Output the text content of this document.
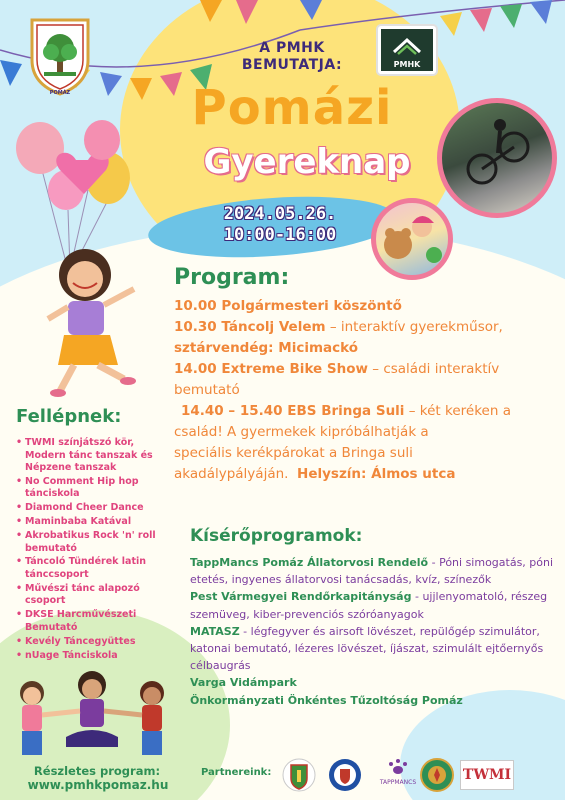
POMÁZ
PMHK
A PMHK BEMUTATJA:
Pomázi
Gyereknap
2024.05.26.
10:00-16:00
Program:
10.00 Polgármesteri köszöntő
10.30 Táncolj Velem – interaktív gyerekműsor,
sztárvendég: Micimackó
14.00 Extreme Bike Show – családi interaktív
bemutató
14.40 – 15.40 EBS Bringa Suli – két keréken a
család! A gyermekek kipróbálhatják a
speciális kerékpárokat a Bringa suli
akadálypályáján. Helyszín: Álmos utca
Fellépnek:
• TWMI színjátszó kör, Modern tánc tanszak és Népzene tanszak
• No Comment Hip hop tánciskola
• Diamond Cheer Dance
• Maminbaba Katával
• Akrobatikus Rock 'n' roll bemutató
• Táncoló Tündérek latin tánccsoport
• Művészi tánc alapozó csoport
• DKSE Harcművészeti Bemutató
• Kevély Táncegyüttes
• nUage Tánciskola
Kísérőprogramok:
TappMancs Pomáz Állatorvosi Rendelő - Póni simogatás, póni etetés, ingyenes állatorvosi tanácsadás, kvíz, színezők
Pest Vármegyei Rendőrkapitányság - ujjlenyomatoló, részeg szemüveg, kiber-prevenciós szóróanyagok
MATASZ - légfegyver és airsoft lövészet, repülőgép szimulátor, katonai bemutató, lézeres lövészet, íjászat, szimulált ejtőernyős célbaugrás
Varga Vidámpark
Önkormányzati Önkéntes Tűzoltóság Pomáz
Részletes program:
www.pmhkpomaz.hu
Partnereink:
TAPPMANCS	TWMI
